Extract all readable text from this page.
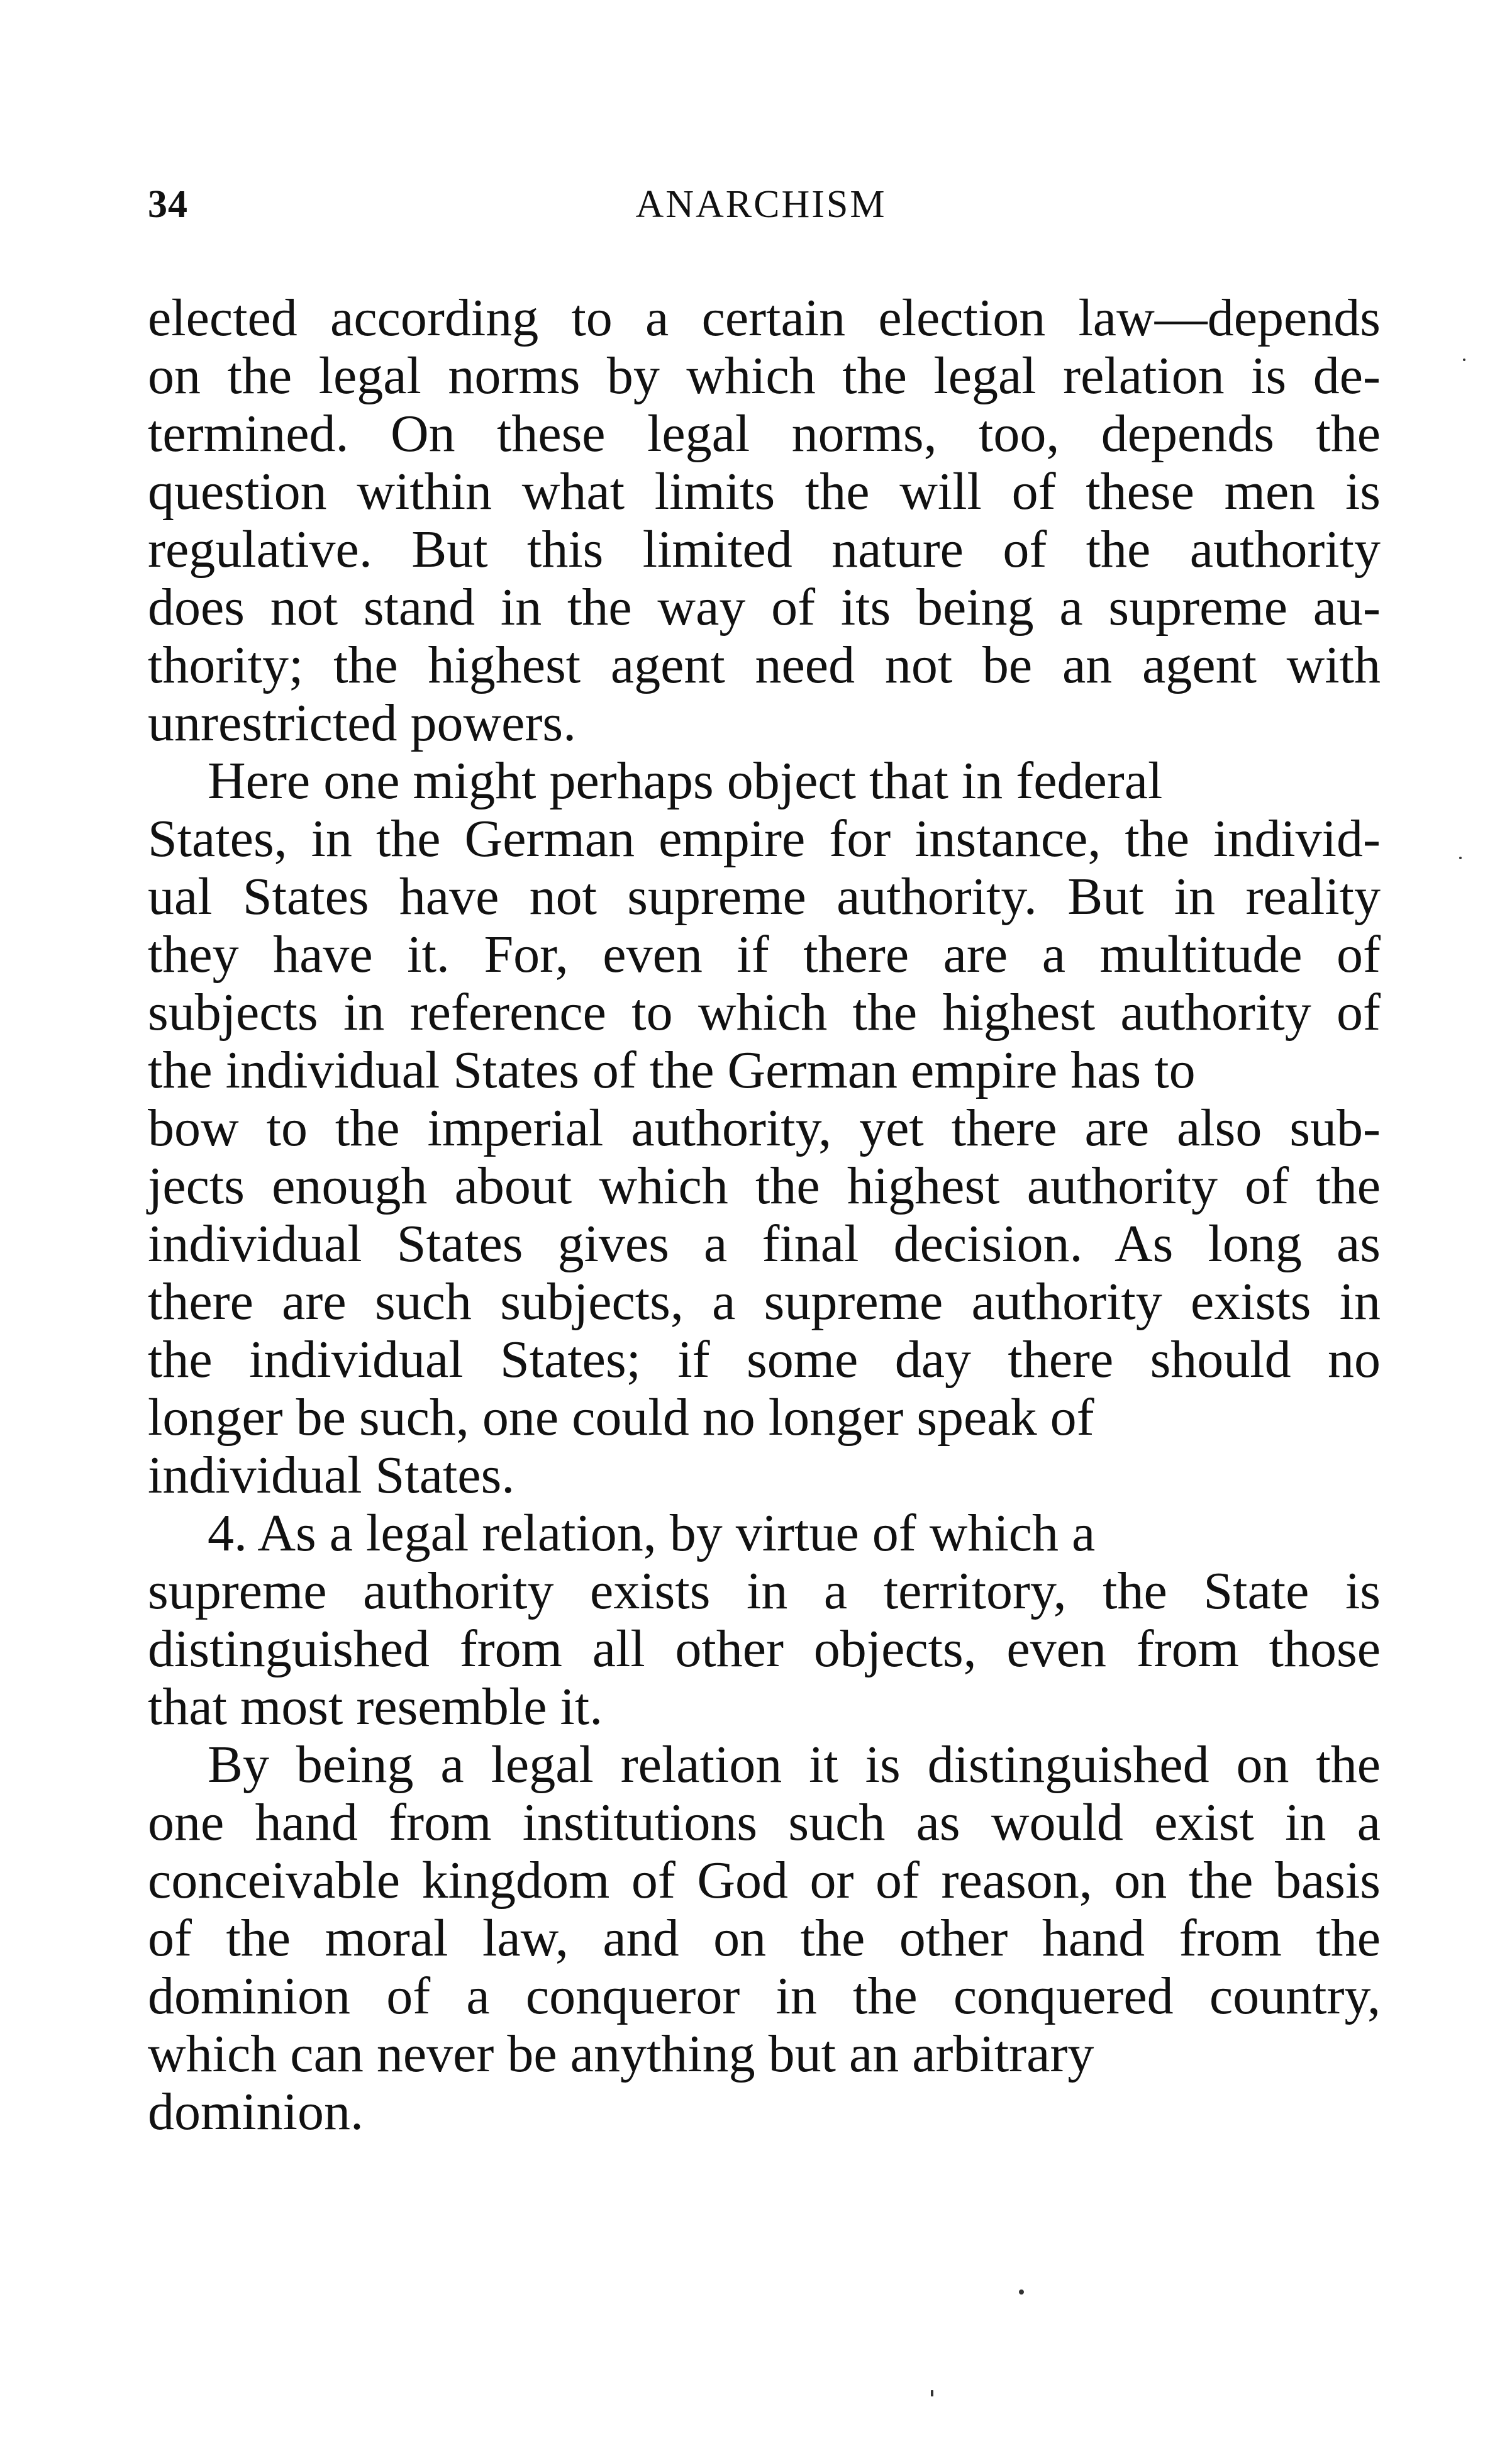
34	ANARCHISM
elected according to a certain election law—depends
on the legal norms by which the legal relation is de-
termined. On these legal norms, too, depends the
question within what limits the will of these men is
regulative. But this limited nature of the authority
does not stand in the way of its being a supreme au-
thority; the highest agent need not be an agent with
unrestricted powers.
Here one might perhaps object that in federal
States, in the German empire for instance, the individ-
ual States have not supreme authority. But in reality
they have it. For, even if there are a multitude of
subjects in reference to which the highest authority of
the individual States of the German empire has to
bow to the imperial authority, yet there are also sub-
jects enough about which the highest authority of the
individual States gives a final decision. As long as
there are such subjects, a supreme authority exists in
the individual States; if some day there should no
longer be such, one could no longer speak of
individual States.
4. As a legal relation, by virtue of which a
supreme authority exists in a territory, the State is
distinguished from all other objects, even from those
that most resemble it.
By being a legal relation it is distinguished on the
one hand from institutions such as would exist in a
conceivable kingdom of God or of reason, on the basis
of the moral law, and on the other hand from the
dominion of a conqueror in the conquered country,
which can never be anything but an arbitrary
dominion.
